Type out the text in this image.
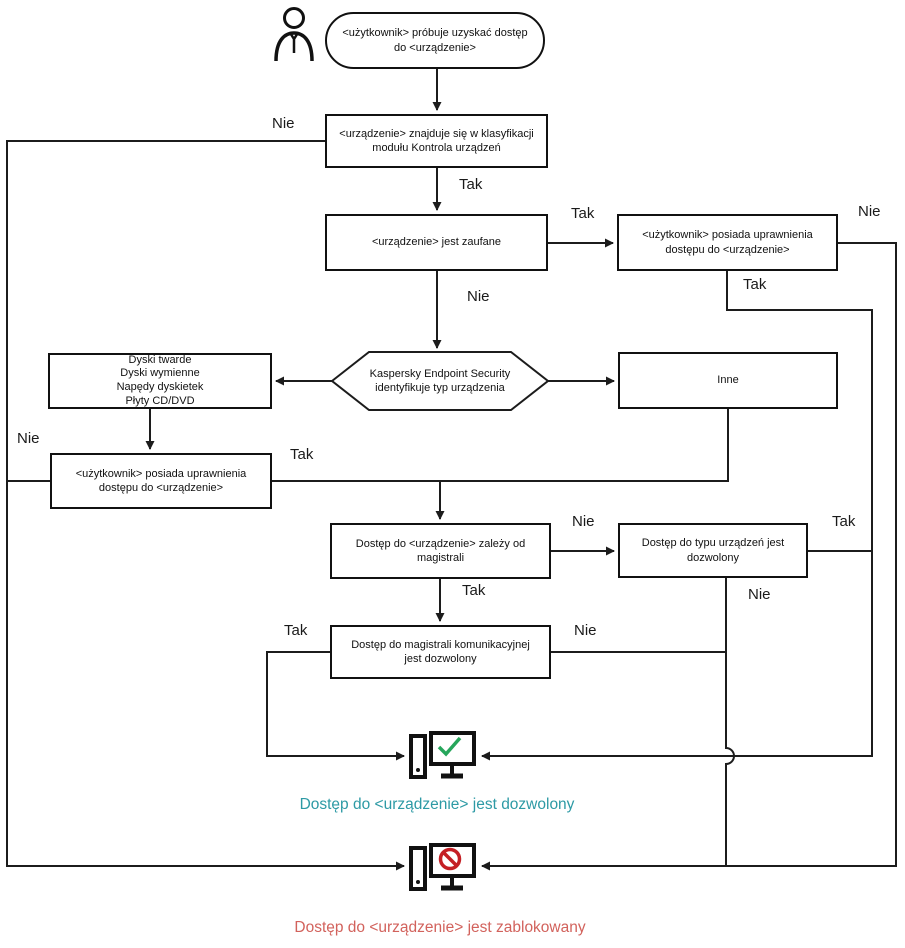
<użytkownik> próbuje uzyskać dostęp do <urządzenie>
<urządzenie> znajduje się w klasyfikacji modułu Kontrola urządzeń
<urządzenie> jest zaufane
<użytkownik> posiada uprawnienia dostępu do <urządzenie>
Kaspersky Endpoint Security identyfikuje typ urządzenia
Dyski twarde
Dyski wymienne
Napędy dyskietek
Płyty CD/DVD
Inne
<użytkownik> posiada uprawnienia dostępu do <urządzenie>
Dostęp do <urządzenie> zależy od magistrali
Dostęp do typu urządzeń jest dozwolony
Dostęp do magistrali komunikacyjnej jest dozwolony
Nie
Tak
Tak
Nie
Tak
Nie
Nie
Tak
Nie	Tak
Tak	Nie
Tak	Nie
Dostęp do <urządzenie> jest dozwolony
Dostęp do <urządzenie> jest zablokowany
